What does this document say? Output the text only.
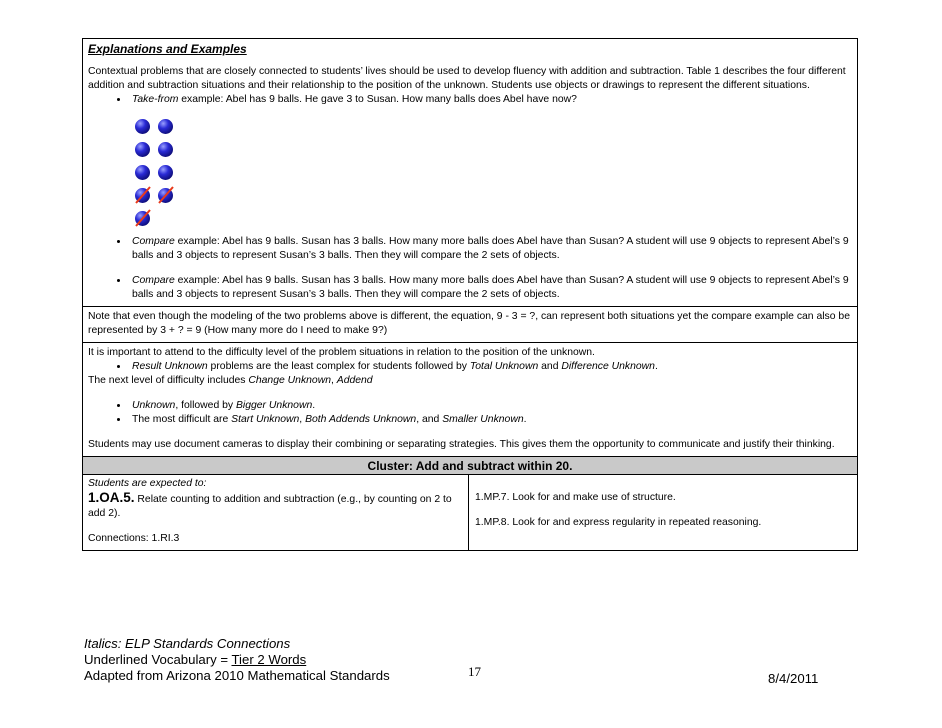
Explanations and Examples

Contextual problems that are closely connected to students’ lives should be used to develop fluency with addition and subtraction. Table 1 describes the four different addition and subtraction situations and their relationship to the position of the unknown. Students use objects or drawings to represent the different situations.

• Take-from example: Abel has 9 balls. He gave 3 to Susan. How many balls does Abel have now?
• Compare example: Abel has 9 balls. Susan has 3 balls. How many more balls does Abel have than Susan? A student will use 9 objects to represent Abel’s 9 balls and 3 objects to represent Susan’s 3 balls. Then they will compare the 2 sets of objects.
• Compare example: Abel has 9 balls. Susan has 3 balls. How many more balls does Abel have than Susan? A student will use 9 objects to represent Abel’s 9 balls and 3 objects to represent Susan’s 3 balls. Then they will compare the 2 sets of objects.

Note that even though the modeling of the two problems above is different, the equation, 9 - 3 = ?, can represent both situations yet the compare example can also be represented by 3 + ? = 9 (How many more do I need to make 9?)

It is important to attend to the difficulty level of the problem situations in relation to the position of the unknown.

• Result Unknown problems are the least complex for students followed by Total Unknown and Difference Unknown.

The next level of difficulty includes Change Unknown, Addend

• Unknown, followed by Bigger Unknown.
• The most difficult are Start Unknown, Both Addends Unknown, and Smaller Unknown.

Students may use document cameras to display their combining or separating strategies. This gives them the opportunity to communicate and justify their thinking.

Cluster: Add and subtract within 20.

Students are expected to:

1.OA.5. Relate counting to addition and subtraction (e.g., by counting on 2 to add 2).

Connections: 1.RI.3

1.MP.7. Look for and make use of structure.

1.MP.8. Look for and express regularity in repeated reasoning.

Italics: ELP Standards Connections
Underlined Vocabulary = Tier 2 Words
Adapted from Arizona 2010 Mathematical Standards	17	8/4/2011
